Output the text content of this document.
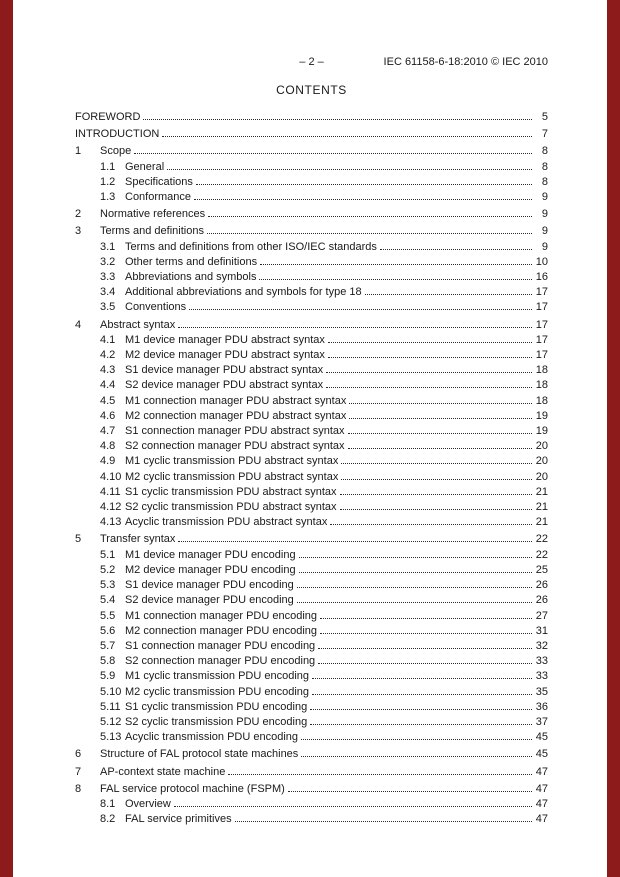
– 2 –	IEC 61158-6-18:2010 © IEC 2010
CONTENTS
FOREWORD	5
INTRODUCTION	7
1	Scope	8
1.1 General	8
1.2 Specifications	8
1.3 Conformance	9
2	Normative references	9
3	Terms and definitions	9
3.1 Terms and definitions from other ISO/IEC standards	9
3.2 Other terms and definitions	10
3.3 Abbreviations and symbols	16
3.4 Additional abbreviations and symbols for type 18	17
3.5 Conventions	17
4	Abstract syntax	17
4.1 M1 device manager PDU abstract syntax	17
4.2 M2 device manager PDU abstract syntax	17
4.3 S1 device manager PDU abstract syntax	18
4.4 S2 device manager PDU abstract syntax	18
4.5 M1 connection manager PDU abstract syntax	18
4.6 M2 connection manager PDU abstract syntax	19
4.7 S1 connection manager PDU abstract syntax	19
4.8 S2 connection manager PDU abstract syntax	20
4.9 M1 cyclic transmission PDU abstract syntax	20
4.10 M2 cyclic transmission PDU abstract syntax	20
4.11 S1 cyclic transmission PDU abstract syntax	21
4.12 S2 cyclic transmission PDU abstract syntax	21
4.13 Acyclic transmission PDU abstract syntax	21
5	Transfer syntax	22
5.1 M1 device manager PDU encoding	22
5.2 M2 device manager PDU encoding	25
5.3 S1 device manager PDU encoding	26
5.4 S2 device manager PDU encoding	26
5.5 M1 connection manager PDU encoding	27
5.6 M2 connection manager PDU encoding	31
5.7 S1 connection manager PDU encoding	32
5.8 S2 connection manager PDU encoding	33
5.9 M1 cyclic transmission PDU encoding	33
5.10 M2 cyclic transmission PDU encoding	35
5.11 S1 cyclic transmission PDU encoding	36
5.12 S2 cyclic transmission PDU encoding	37
5.13 Acyclic transmission PDU encoding	45
6	Structure of FAL protocol state machines	45
7	AP-context state machine	47
8	FAL service protocol machine (FSPM)	47
8.1 Overview	47
8.2 FAL service primitives	47
